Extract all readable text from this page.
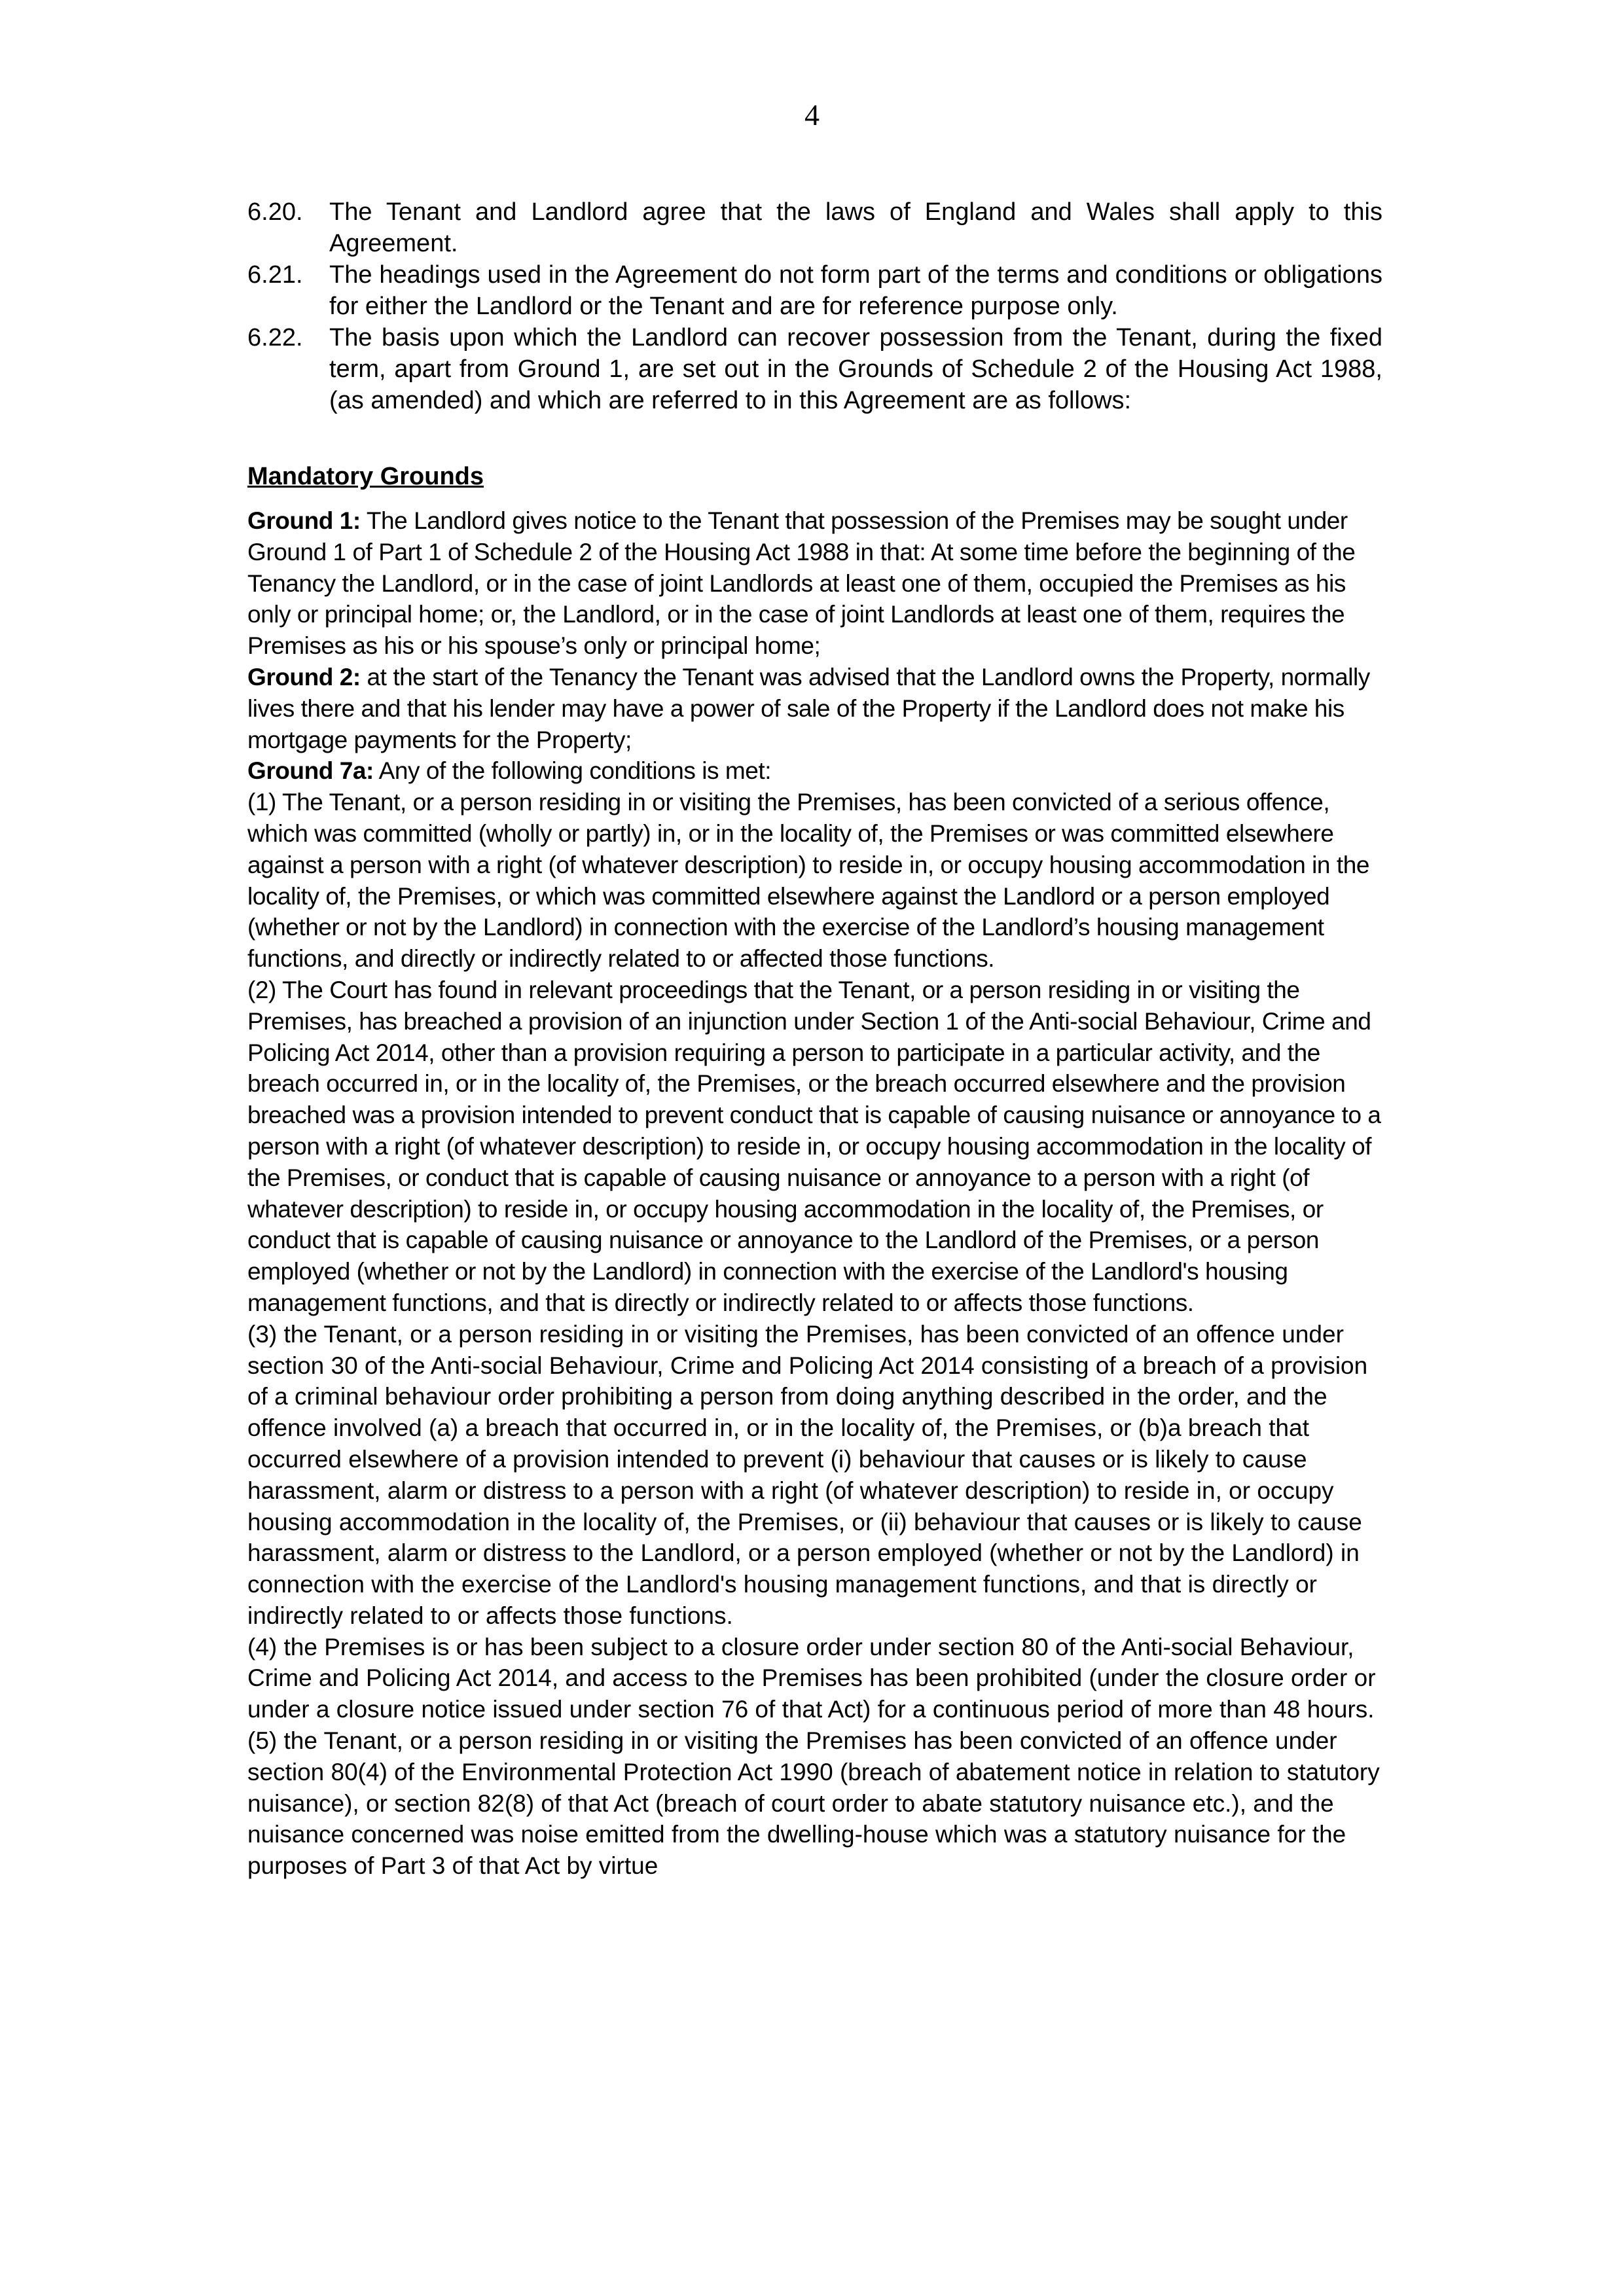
4
6.20.	The Tenant and Landlord agree that the laws of England and Wales shall apply to this Agreement.
6.21.	The headings used in the Agreement do not form part of the terms and conditions or obligations for either the Landlord or the Tenant and are for reference purpose only.
6.22.	The basis upon which the Landlord can recover possession from the Tenant, during the fixed term, apart from Ground 1, are set out in the Grounds of Schedule 2 of the Housing Act 1988, (as amended) and which are referred to in this Agreement are as follows:
Mandatory Grounds

Ground 1: The Landlord gives notice to the Tenant that possession of the Premises may be sought under Ground 1 of Part 1 of Schedule 2 of the Housing Act 1988 in that: At some time before the beginning of the Tenancy the Landlord, or in the case of joint Landlords at least one of them, occupied the Premises as his only or principal home; or, the Landlord, or in the case of joint Landlords at least one of them, requires the Premises as his or his spouse’s only or principal home;

Ground 2: at the start of the Tenancy the Tenant was advised that the Landlord owns the Property, normally lives there and that his lender may have a power of sale of the Property if the Landlord does not make his mortgage payments for the Property;

Ground 7a: Any of the following conditions is met:

(1) The Tenant, or a person residing in or visiting the Premises, has been convicted of a serious offence, which was committed (wholly or partly) in, or in the locality of, the Premises or was committed elsewhere against a person with a right (of whatever description) to reside in, or occupy housing accommodation in the locality of, the Premises, or which was committed elsewhere against the Landlord or a person employed (whether or not by the Landlord) in connection with the exercise of the Landlord’s housing management functions, and directly or indirectly related to or affected those functions.

(2) The Court has found in relevant proceedings that the Tenant, or a person residing in or visiting the Premises, has breached a provision of an injunction under Section 1 of the Anti-social Behaviour, Crime and Policing Act 2014, other than a provision requiring a person to participate in a particular activity, and the breach occurred in, or in the locality of, the Premises, or the breach occurred elsewhere and the provision breached was a provision intended to prevent conduct that is capable of causing nuisance or annoyance to a person with a right (of whatever description) to reside in, or occupy housing accommodation in the locality of the Premises, or conduct that is capable of causing nuisance or annoyance to a person with a right (of whatever description) to reside in, or occupy housing accommodation in the locality of, the Premises, or conduct that is capable of causing nuisance or annoyance to the Landlord of the Premises, or a person employed (whether or not by the Landlord) in connection with the exercise of the Landlord's housing management functions, and that is directly or indirectly related to or affects those functions.

(3) the Tenant, or a person residing in or visiting the Premises, has been convicted of an offence under section 30 of the Anti-social Behaviour, Crime and Policing Act 2014 consisting of a breach of a provision of a criminal behaviour order prohibiting a person from doing anything described in the order, and the offence involved (a) a breach that occurred in, or in the locality of, the Premises, or (b)a breach that occurred elsewhere of a provision intended to prevent (i) behaviour that causes or is likely to cause harassment, alarm or distress to a person with a right (of whatever description) to reside in, or occupy housing accommodation in the locality of, the Premises, or (ii) behaviour that causes or is likely to cause harassment, alarm or distress to the Landlord, or a person employed (whether or not by the Landlord) in connection with the exercise of the Landlord's housing management functions, and that is directly or indirectly related to or affects those functions.

(4) the Premises is or has been subject to a closure order under section 80 of the Anti-social Behaviour, Crime and Policing Act 2014, and access to the Premises has been prohibited (under the closure order or under a closure notice issued under section 76 of that Act) for a continuous period of more than 48 hours.

(5) the Tenant, or a person residing in or visiting the Premises has been convicted of an offence under section 80(4) of the Environmental Protection Act 1990 (breach of abatement notice in relation to statutory nuisance), or section 82(8) of that Act (breach of court order to abate statutory nuisance etc.), and the nuisance concerned was noise emitted from the dwelling-house which was a statutory nuisance for the purposes of Part 3 of that Act by virtue
